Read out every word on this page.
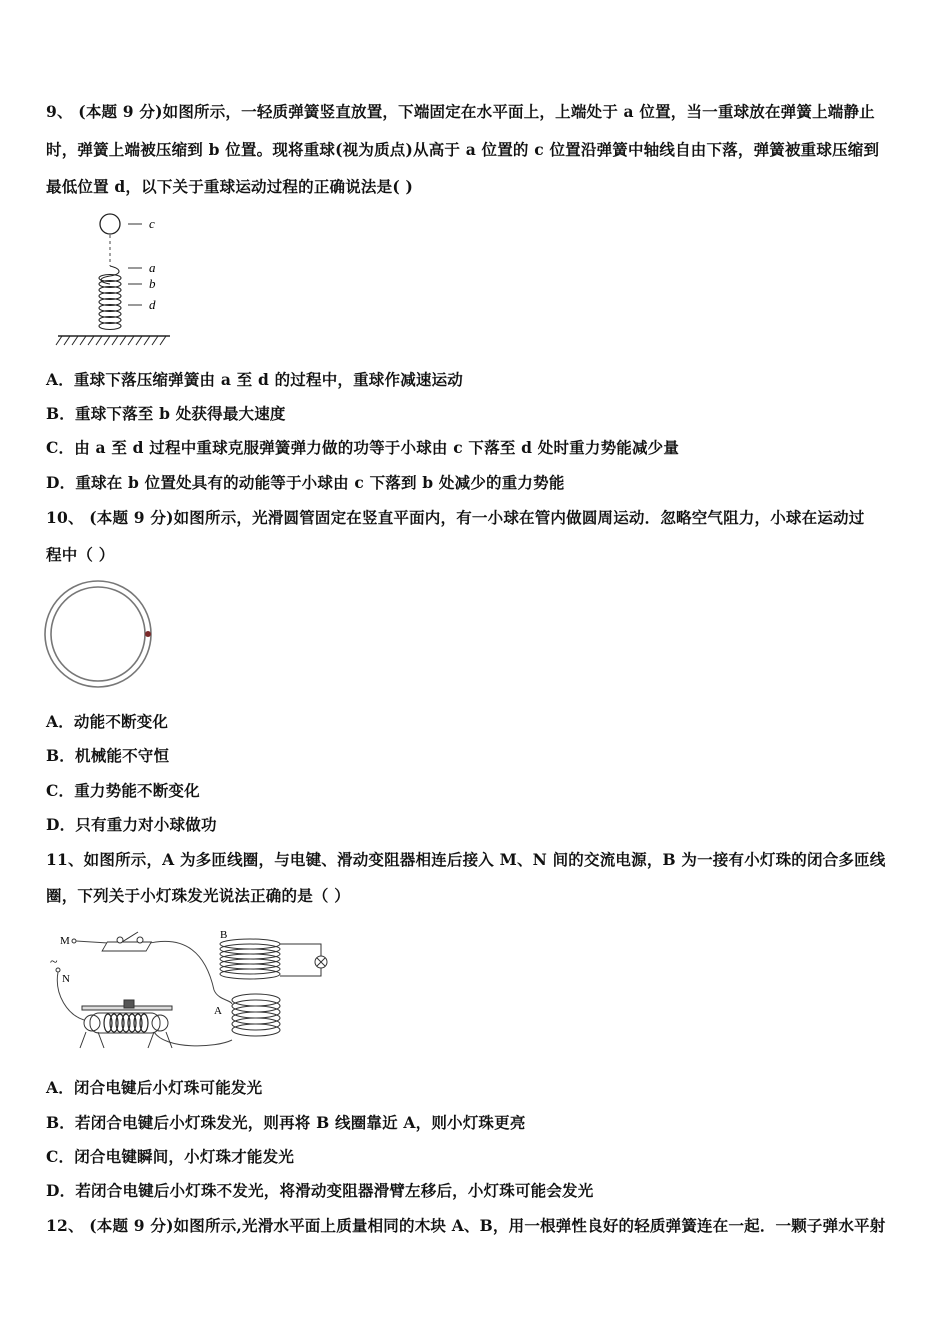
9、 (本题 9 分)如图所示，一轻质弹簧竖直放置，下端固定在水平面上，上端处于 a 位置，当一重球放在弹簧上端静止
时，弹簧上端被压缩到 b 位置。现将重球(视为质点)从高于 a 位置的 c 位置沿弹簧中轴线自由下落，弹簧被重球压缩到
最低位置 d，以下关于重球运动过程的正确说法是( )
c
a
b
d
A．重球下落压缩弹簧由 a 至 d 的过程中，重球作减速运动
B．重球下落至 b 处获得最大速度
C．由 a 至 d 过程中重球克服弹簧弹力做的功等于小球由 c 下落至 d 处时重力势能减少量
D．重球在 b 位置处具有的动能等于小球由 c 下落到 b 处减少的重力势能
10、 (本题 9 分)如图所示，光滑圆管固定在竖直平面内，有一小球在管内做圆周运动．忽略空气阻力，小球在运动过
程中（ ）
A．动能不断变化
B．机械能不守恒
C．重力势能不断变化
D．只有重力对小球做功
11、如图所示，A 为多匝线圈，与电键、滑动变阻器相连后接入 M、N 间的交流电源，B 为一接有小灯珠的闭合多匝线
圈，下列关于小灯珠发光说法正确的是（ ）
M
~
N
A
B
A．闭合电键后小灯珠可能发光
B．若闭合电键后小灯珠发光，则再将 B 线圈靠近 A，则小灯珠更亮
C．闭合电键瞬间，小灯珠才能发光
D．若闭合电键后小灯珠不发光，将滑动变阻器滑臂左移后，小灯珠可能会发光
12、 (本题 9 分)如图所示,光滑水平面上质量相同的木块 A、B，用一根弹性良好的轻质弹簧连在一起．一颗子弹水平射
